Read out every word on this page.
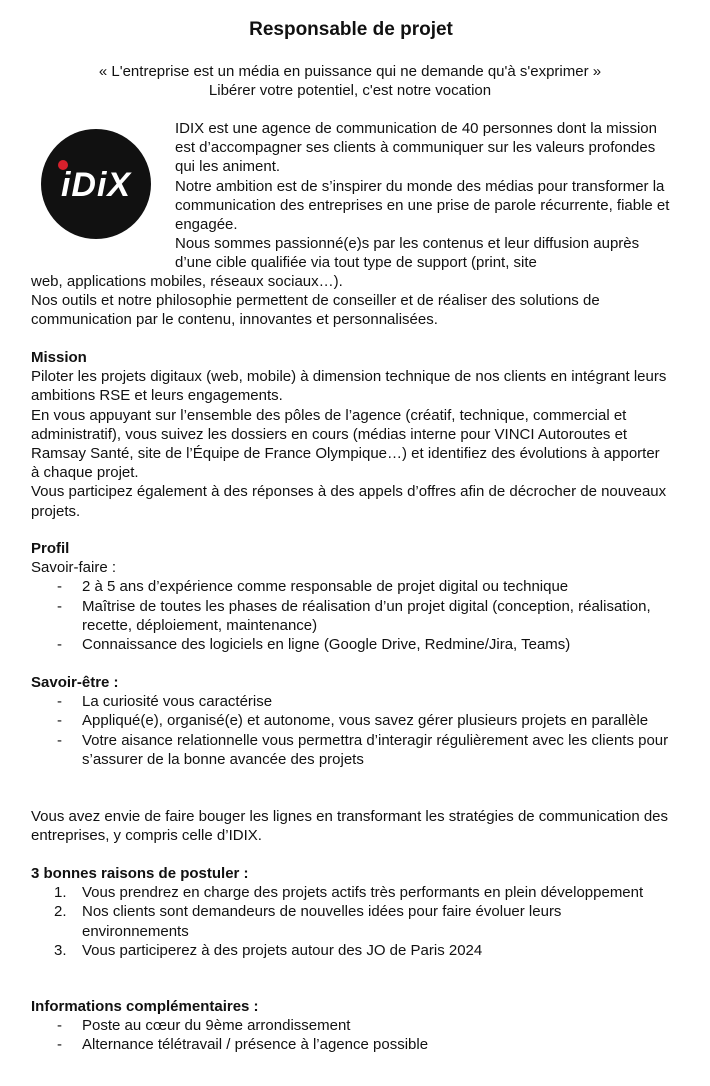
Responsable de projet
« L'entreprise est un média en puissance qui ne demande qu'à s'exprimer »
Libérer votre potentiel, c'est notre vocation
iDiX
IDIX est une agence de communication de 40 personnes dont la mission est d’accompagner ses clients à communiquer sur les valeurs profondes qui les animent.
Notre ambition est de s’inspirer du monde des médias pour transformer la communication des entreprises en une prise de parole récurrente, fiable et engagée.
Nous sommes passionné(e)s par les contenus et leur diffusion auprès d’une cible qualifiée via tout type de support (print, site
web, applications mobiles, réseaux sociaux…).
Nos outils et notre philosophie permettent de conseiller et de réaliser des solutions de communication par le contenu, innovantes et personnalisées.
Mission
Piloter les projets digitaux (web, mobile) à dimension technique de nos clients en intégrant leurs ambitions RSE et leurs engagements.
En vous appuyant sur l’ensemble des pôles de l’agence (créatif, technique, commercial et administratif), vous suivez les dossiers en cours (médias interne pour VINCI Autoroutes et Ramsay Santé, site de l’Équipe de France Olympique…) et identifiez des évolutions à apporter à chaque projet.
Vous participez également à des réponses à des appels d’offres afin de décrocher de nouveaux projets.
Profil
Savoir-faire :
- 2 à 5 ans d’expérience comme responsable de projet digital ou technique
- Maîtrise de toutes les phases de réalisation d’un projet digital (conception, réalisation, recette, déploiement, maintenance)
- Connaissance des logiciels en ligne (Google Drive, Redmine/Jira, Teams)
Savoir-être :
- La curiosité vous caractérise
- Appliqué(e), organisé(e) et autonome, vous savez gérer plusieurs projets en parallèle
- Votre aisance relationnelle vous permettra d’interagir régulièrement avec les clients pour s’assurer de la bonne avancée des projets
Vous avez envie de faire bouger les lignes en transformant les stratégies de communication des entreprises, y compris celle d’IDIX.
3 bonnes raisons de postuler :
1. Vous prendrez en charge des projets actifs très performants en plein développement
2. Nos clients sont demandeurs de nouvelles idées pour faire évoluer leurs environnements
3. Vous participerez à des projets autour des JO de Paris 2024
Informations complémentaires :
- Poste au cœur du 9ème arrondissement
- Alternance télétravail / présence à l’agence possible
